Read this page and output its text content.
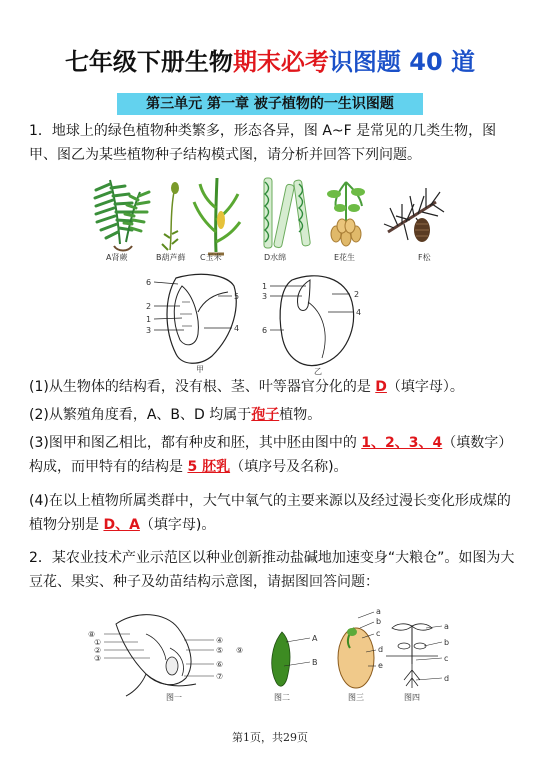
七年级下册生物期末必考识图题 40 道
第三单元 第一章 被子植物的一生识图题
1．地球上的绿色植物种类繁多，形态各异，图 A~F 是常见的几类生物，图甲、图乙为某些植物种子结构模式图，请分析并回答下列问题。
A肾蕨	B葫芦藓 C玉米	D水绵	E花生	F松
6
2
1
3
5
4
甲
1
3	2
6
4
乙
(1)从生物体的结构看，没有根、茎、叶等器官分化的是 D（填字母）。
(2)从繁殖角度看，A、B、D 均属于孢子植物。
(3)图甲和图乙相比，都有种皮和胚，其中胚由图中的 1、2、3、4（填数字）构成，而甲特有的结构是 5 胚乳（填序号及名称)。
(4)在以上植物所属类群中，大气中氧气的主要来源以及经过漫长变化形成煤的植物分别是 D、A（填字母)。
2．某农业技术产业示范区以种业创新推动盐碱地加速变身“大粮仓”。如图为大豆花、果实、种子及幼苗结构示意图，请据图回答问题：
⑧
①
②
③
④
⑤
⑥
⑦
⑨
图一
A
B
图二
a
b
c
d
e
图三
a
b
c
d
图四
第1页，共29页
